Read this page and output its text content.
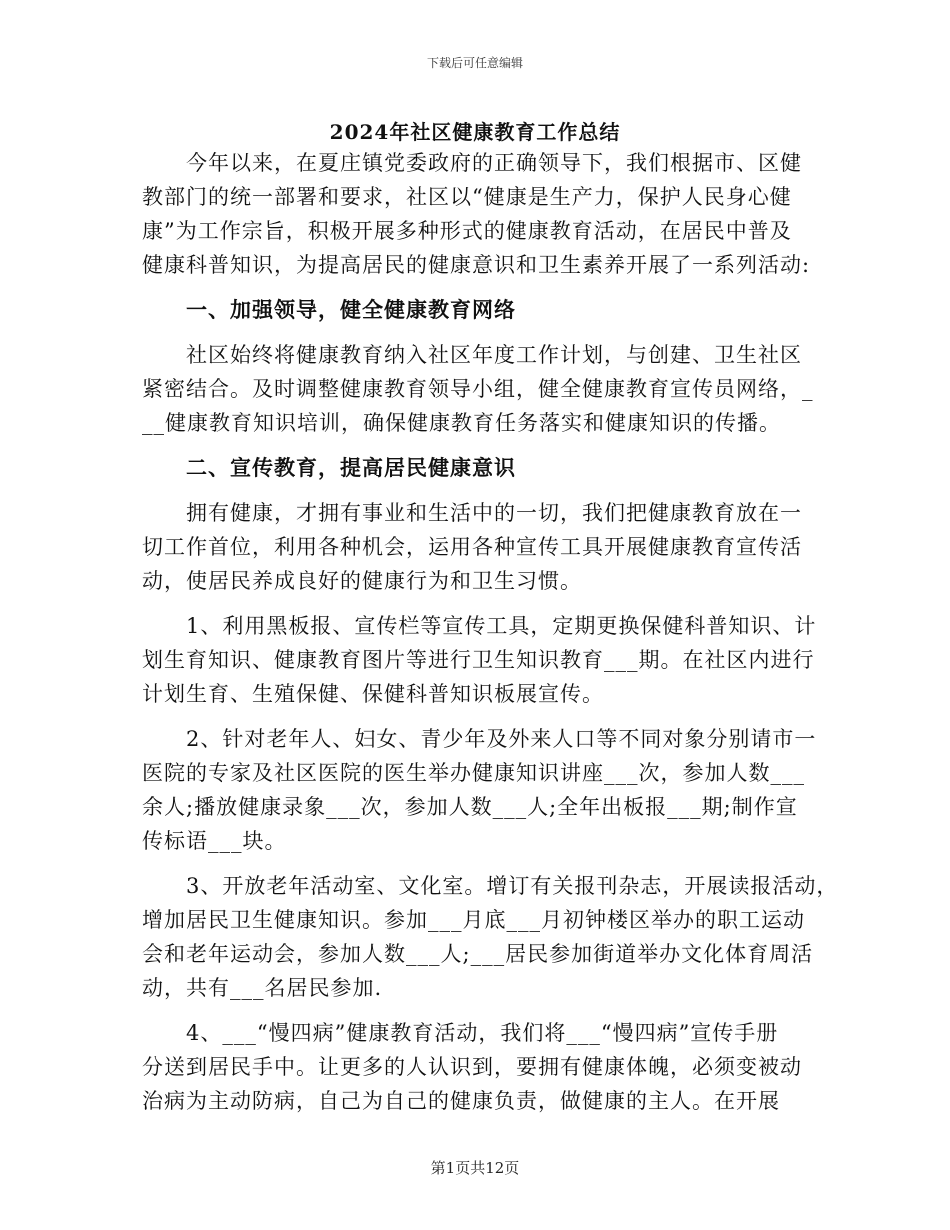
下载后可任意编辑
2024年社区健康教育工作总结
今年以来，在夏庄镇党委政府的正确领导下，我们根据市、区健
教部门的统一部署和要求，社区以“健康是生产力，保护人民身心健
康”为工作宗旨，积极开展多种形式的健康教育活动，在居民中普及
健康科普知识，为提高居民的健康意识和卫生素养开展了一系列活动:
一、加强领导，健全健康教育网络
社区始终将健康教育纳入社区年度工作计划，与创建、卫生社区
紧密结合。及时调整健康教育领导小组，健全健康教育宣传员网络，_
__健康教育知识培训，确保健康教育任务落实和健康知识的传播。
二、宣传教育，提高居民健康意识
拥有健康，才拥有事业和生活中的一切，我们把健康教育放在一
切工作首位，利用各种机会，运用各种宣传工具开展健康教育宣传活
动，使居民养成良好的健康行为和卫生习惯。
1、利用黑板报、宣传栏等宣传工具，定期更换保健科普知识、计
划生育知识、健康教育图片等进行卫生知识教育___期。在社区内进行
计划生育、生殖保健、保健科普知识板展宣传。
2、针对老年人、妇女、青少年及外来人口等不同对象分别请市一
医院的专家及社区医院的医生举办健康知识讲座___次，参加人数___
余人;播放健康录象___次，参加人数___人;全年出板报___期;制作宣
传标语___块。
3、开放老年活动室、文化室。增订有关报刊杂志，开展读报活动，
增加居民卫生健康知识。参加___月底___月初钟楼区举办的职工运动
会和老年运动会，参加人数___人;___居民参加街道举办文化体育周活
动，共有___名居民参加.
4、___“慢四病”健康教育活动，我们将___“慢四病”宣传手册
分送到居民手中。让更多的人认识到，要拥有健康体魄，必须变被动
治病为主动防病，自己为自己的健康负责，做健康的主人。在开展
第1页共12页
